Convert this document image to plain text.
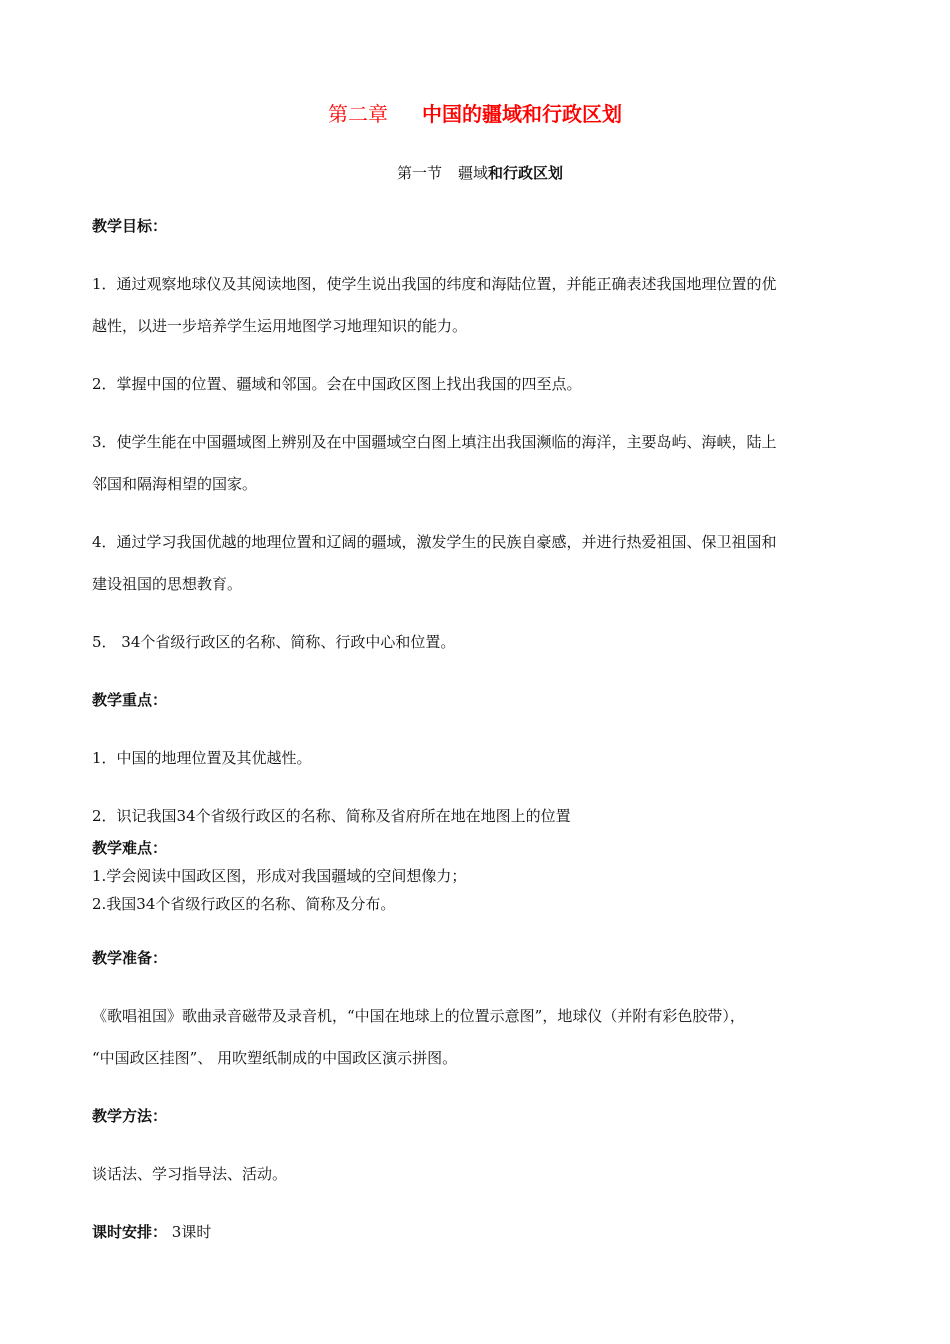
第二章 中国的疆域和行政区划
第一节 疆域和行政区划
教学目标：
1．通过观察地球仪及其阅读地图，使学生说出我国的纬度和海陆位置，并能正确表述我国地理位置的优
越性，以进一步培养学生运用地图学习地理知识的能力。
2．掌握中国的位置、疆域和邻国。会在中国政区图上找出我国的四至点。
3．使学生能在中国疆域图上辨别及在中国疆域空白图上填注出我国濒临的海洋，主要岛屿、海峡，陆上
邻国和隔海相望的国家。
4．通过学习我国优越的地理位置和辽阔的疆域，激发学生的民族自豪感，并进行热爱祖国、保卫祖国和
建设祖国的思想教育。
5． 34个省级行政区的名称、简称、行政中心和位置。
教学重点：
1．中国的地理位置及其优越性。
2．识记我国34个省级行政区的名称、简称及省府所在地在地图上的位置
教学难点：
1.学会阅读中国政区图，形成对我国疆域的空间想像力；
2.我国34个省级行政区的名称、简称及分布。
教学准备：
《歌唱祖国》歌曲录音磁带及录音机，“中国在地球上的位置示意图”，地球仪（并附有彩色胶带），
“中国政区挂图”、 用吹塑纸制成的中国政区演示拼图。
教学方法：
谈话法、学习指导法、活动。
课时安排： 3课时
